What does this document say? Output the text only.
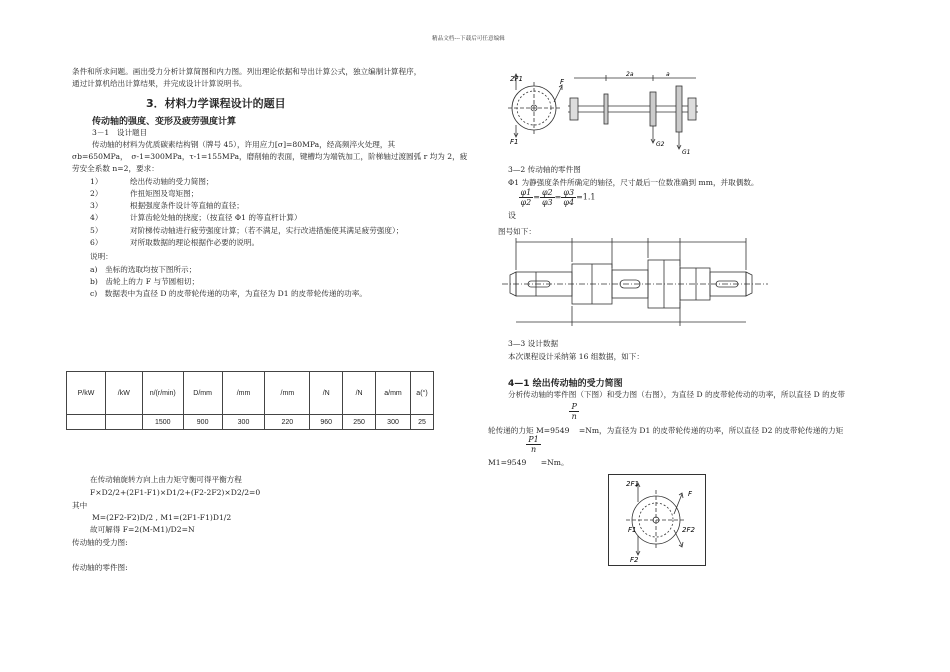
精品文档---下载后可任意编辑
条件和所求问题。画出受力分析计算简图和内力图。列出理论依据和导出计算公式，独立编制计算程序，
通过计算机给出计算结果，并完成设计计算说明书。
3．材料力学课程设计的题目
传动轴的强度、变形及疲劳强度计算
3－1　设计题目
传动轴的材料为优质碳素结构钢（牌号 45），许用应力[σ]=80MPa，经高频淬火处理，其
σb=650MPa，　σ-1=300MPa，τ-1=155MPa，磨削轴的表面，键槽均为端铣加工，阶梯轴过渡圆弧 r 均为 2，疲
劳安全系数 n=2，要求：
1）	绘出传动轴的受力简图；
2）	作扭矩图及弯矩图；
3）	根据强度条件设计等直轴的直径；
4）	计算齿轮处轴的挠度；（按直径 Φ1 的等直杆计算）
5）	对阶梯传动轴进行疲劳强度计算；（若不满足，实行改进措施使其满足疲劳强度）；
6）	对所取数据的理论根据作必要的说明。
说明：
a)　坐标的选取均按下图所示；
b)　齿轮上的力 F 与节圆相切；
c)　数据表中为直径 D 的皮带轮传递的功率，为直径为 D1 的皮带轮传递的功率。
P/kW	/kW	n/(r/min)	D/mm	/mm	/mm	/N	/N	a/mm	a(°)
		1500	900	300	220	960	250	300	25
在传动轴旋转方向上由力矩守衡可得平衡方程
F×D2/2+(2F1-F1)×D1/2+(F2-2F2)×D2/2=0
其中
M=(2F2-F2)D/2 , M1=(2F1-F1)D1/2
故可解得 F=2(M-M1)/D2=N
传动轴的受力图:
传动轴的零件图:
2F1
F1
F
2a	a
G2
G1
3—2 传动轴的零件图
Φ1 为静强度条件所确定的轴径，尺寸最后一位数准确到 mm，并取偶数。
设
$\frac{\varphi 1}{\varphi 2} = \frac{\varphi 2}{\varphi 3} = \frac{\varphi 3}{\varphi 4} =1.1$
图号如下：
3—3 设计数据
本次课程设计采纳第 16 组数据，如下：
4—1 绘出传动轴的受力简图
分析传动轴的零件图（下图）和受力图（右图），为直径 D 的皮带轮传动的功率，所以直径 D 的皮带
轮传递的力矩 M=9549
$\frac{P}{n}$
=Nm，为直径为 D1 的皮带轮传递的功率，所以直径 D2 的皮带轮传递的力矩
M1=9549
$\frac{P1}{n}$
=Nm。
2F1
F
F1	2F2
F2
